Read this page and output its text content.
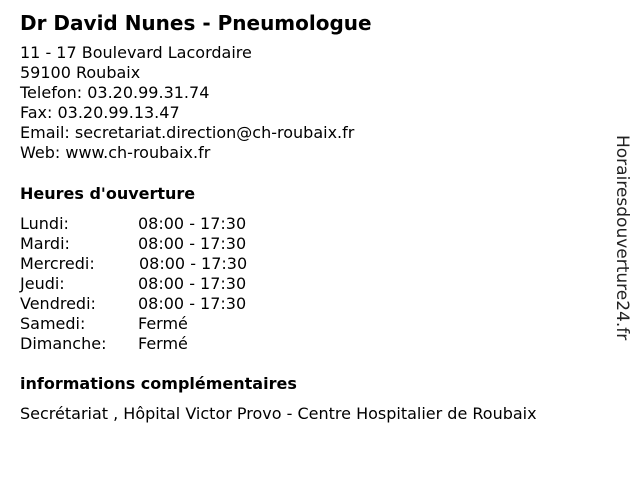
Dr David Nunes - Pneumologue
11 - 17 Boulevard Lacordaire
59100 Roubaix
Telefon: 03.20.99.31.74
Fax: 03.20.99.13.47
Email: secretariat.direction@ch-roubaix.fr
Web: www.ch-roubaix.fr
Heures d'ouverture
Lundi:	08:00 - 17:30
Mardi:	08:00 - 17:30
Mercredi:	08:00 - 17:30
Jeudi:	08:00 - 17:30
Vendredi:	08:00 - 17:30
Samedi:	Fermé
Dimanche: Fermé
informations complémentaires
Secrétariat , Hôpital Victor Provo - Centre Hospitalier de Roubaix
Horairesdouverture24.fr
